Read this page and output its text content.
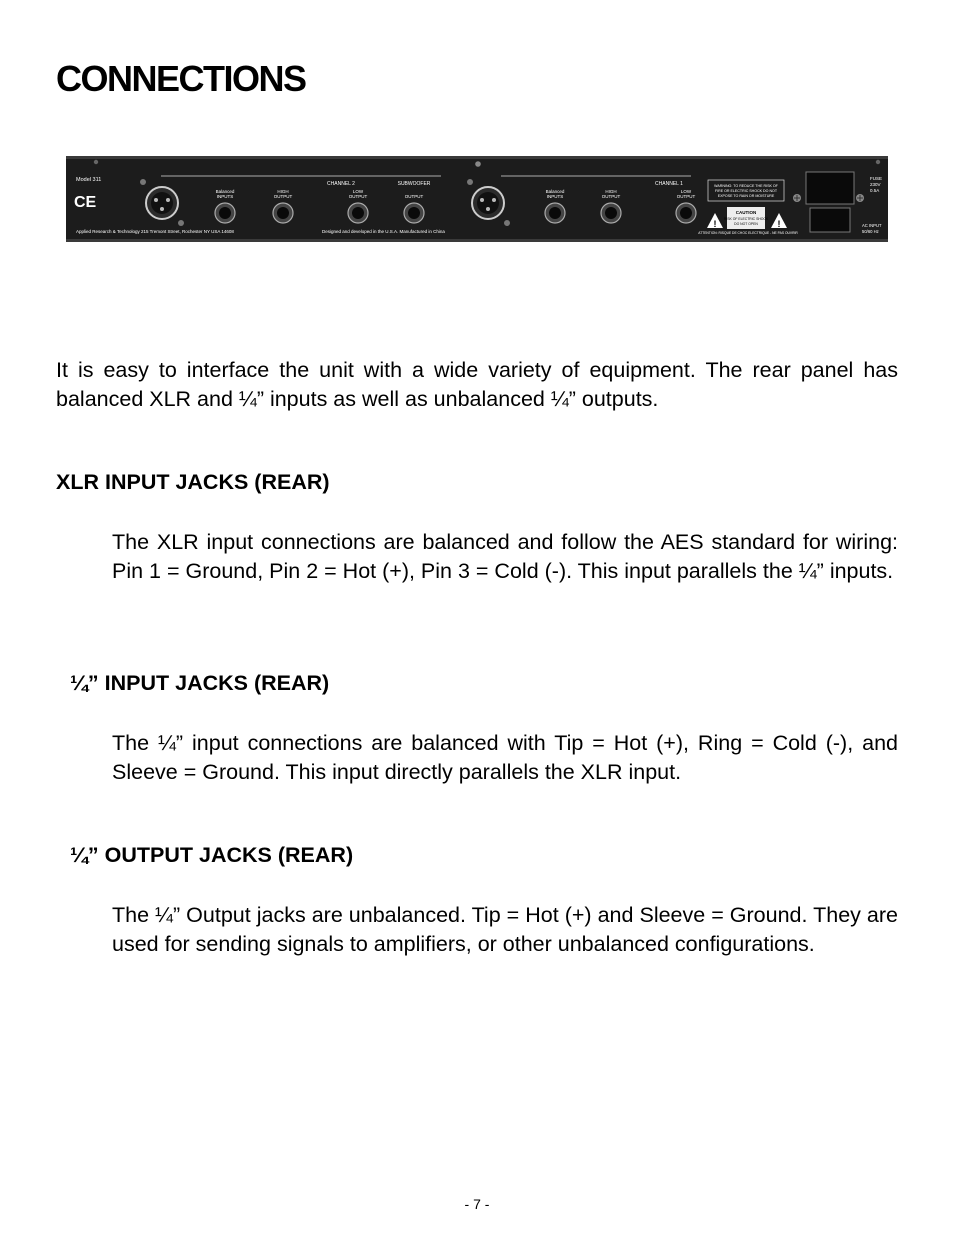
CONNECTIONS
Model 311
CE
Balanced
INPUTS
HIGH
OUTPUT
CHANNEL 2
LOW
OUTPUT
SUBWOOFER
OUTPUT
Balanced
INPUTS
HIGH
OUTPUT
CHANNEL 1
LOW
OUTPUT
WARNING: TO REDUCE THE RISK OF
FIRE OR ELECTRIC SHOCK DO NOT
EXPOSE TO RAIN OR MOISTURE
!
CAUTION
RISK OF ELECTRIC SHOCK
DO NOT OPEN !
ATTENTION: RISQUE DE CHOC ELECTRIQUE - NE PAS OUVRIR
FUSE
230V
0.5A
AC INPUT
50/60 Hz
Applied Research & Technology 215 Tremont Street, Rochester NY USA 14608	Designed and developed in the U.S.A. Manufactured in China

It is easy to interface the unit with a wide variety of equipment. The rear panel has balanced XLR and ¼” inputs as well as unbalanced ¼” outputs.

XLR INPUT JACKS (REAR)

The XLR input connections are balanced and follow the AES standard for wiring: Pin 1 = Ground, Pin 2 = Hot (+), Pin 3 = Cold (-). This input parallels the ¼” inputs.

¼” INPUT JACKS (REAR)

The ¼” input connections are balanced with Tip = Hot (+), Ring = Cold (-), and Sleeve = Ground. This input directly parallels the XLR input.

¼” OUTPUT JACKS (REAR)

The ¼” Output jacks are unbalanced. Tip = Hot (+) and Sleeve = Ground. They are used for sending signals to amplifiers, or other unbalanced configurations.

- 7 -
